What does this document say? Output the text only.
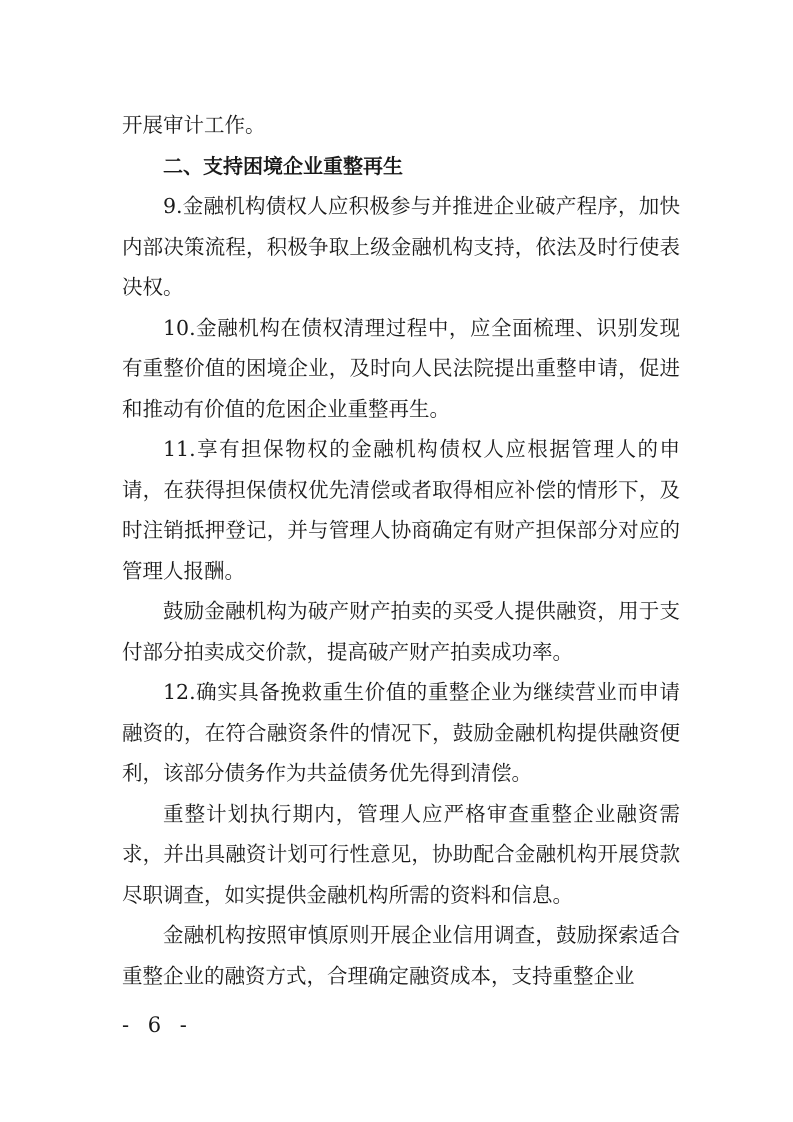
开展审计工作。

二、支持困境企业重整再生

9.金融机构债权人应积极参与并推进企业破产程序，加快内部决策流程，积极争取上级金融机构支持，依法及时行使表决权。

10.金融机构在债权清理过程中，应全面梳理、识别发现有重整价值的困境企业，及时向人民法院提出重整申请，促进和推动有价值的危困企业重整再生。

11.享有担保物权的金融机构债权人应根据管理人的申请，在获得担保债权优先清偿或者取得相应补偿的情形下，及时注销抵押登记，并与管理人协商确定有财产担保部分对应的管理人报酬。

鼓励金融机构为破产财产拍卖的买受人提供融资，用于支付部分拍卖成交价款，提高破产财产拍卖成功率。

12.确实具备挽救重生价值的重整企业为继续营业而申请融资的，在符合融资条件的情况下，鼓励金融机构提供融资便利，该部分债务作为共益债务优先得到清偿。

重整计划执行期内，管理人应严格审查重整企业融资需求，并出具融资计划可行性意见，协助配合金融机构开展贷款尽职调查，如实提供金融机构所需的资料和信息。

金融机构按照审慎原则开展企业信用调查，鼓励探索适合重整企业的融资方式，合理确定融资成本，支持重整企业

- 6 -
